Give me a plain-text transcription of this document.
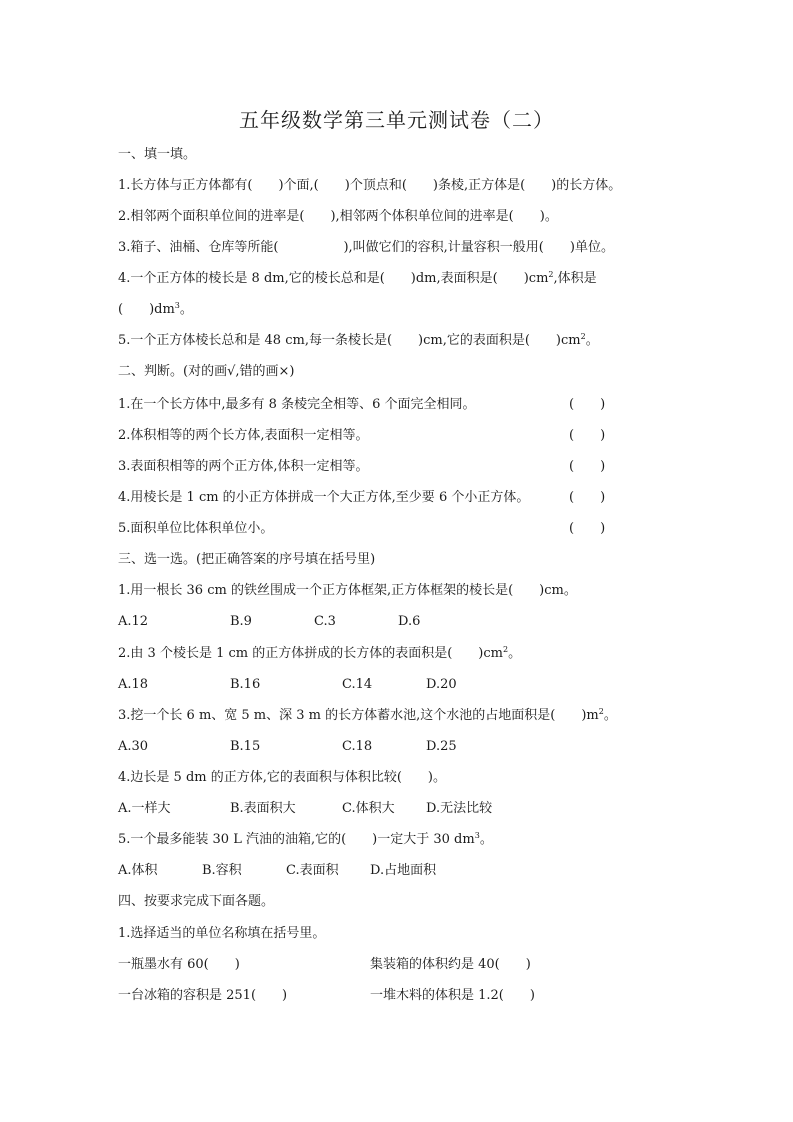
五年级数学第三单元测试卷（二）
一、填一填。
1.长方体与正方体都有(　　)个面,(　　)个顶点和(　　)条棱,正方体是(　　)的长方体。
2.相邻两个面积单位间的进率是(　　),相邻两个体积单位间的进率是(　　)。
3.箱子、油桶、仓库等所能(　　　　　),叫做它们的容积,计量容积一般用(　　)单位。
4.一个正方体的棱长是 8 dm,它的棱长总和是(　　)dm,表面积是(　　)$cm^2$,体积是
(　　)$dm^3$。
5.一个正方体棱长总和是 48 cm,每一条棱长是(　　)cm,它的表面积是(　　)$cm^2$。
二、判断。(对的画√,错的画×)
1.在一个长方体中,最多有 8 条棱完全相等、6 个面完全相同。	(　　)
2.体积相等的两个长方体,表面积一定相等。	(　　)
3.表面积相等的两个正方体,体积一定相等。	(　　)
4.用棱长是 1 cm 的小正方体拼成一个大正方体,至少要 6 个小正方体。	(　　)
5.面积单位比体积单位小。	(　　)
三、选一选。(把正确答案的序号填在括号里)
1.用一根长 36 cm 的铁丝围成一个正方体框架,正方体框架的棱长是(　　)cm。
A.12	B.9	C.3	D.6
2.由 3 个棱长是 1 cm 的正方体拼成的长方体的表面积是(　　)$cm^2$。
A.18	B.16	C.14	D.20
3.挖一个长 6 m、宽 5 m、深 3 m 的长方体蓄水池,这个水池的占地面积是(　　)$m^2$。
A.30	B.15	C.18	D.25
4.边长是 5 dm 的正方体,它的表面积与体积比较(　　)。
A.一样大	B.表面积大	C.体积大 D.无法比较
5.一个最多能装 30 L 汽油的油箱,它的(　　)一定大于 30 $dm^3$。
A.体积	B.容积	C.表面积 D.占地面积
四、按要求完成下面各题。
1.选择适当的单位名称填在括号里。
一瓶墨水有 60(　　)	集装箱的体积约是 40(　　)
一台冰箱的容积是 251(　　)	一堆木料的体积是 1.2(　　)
